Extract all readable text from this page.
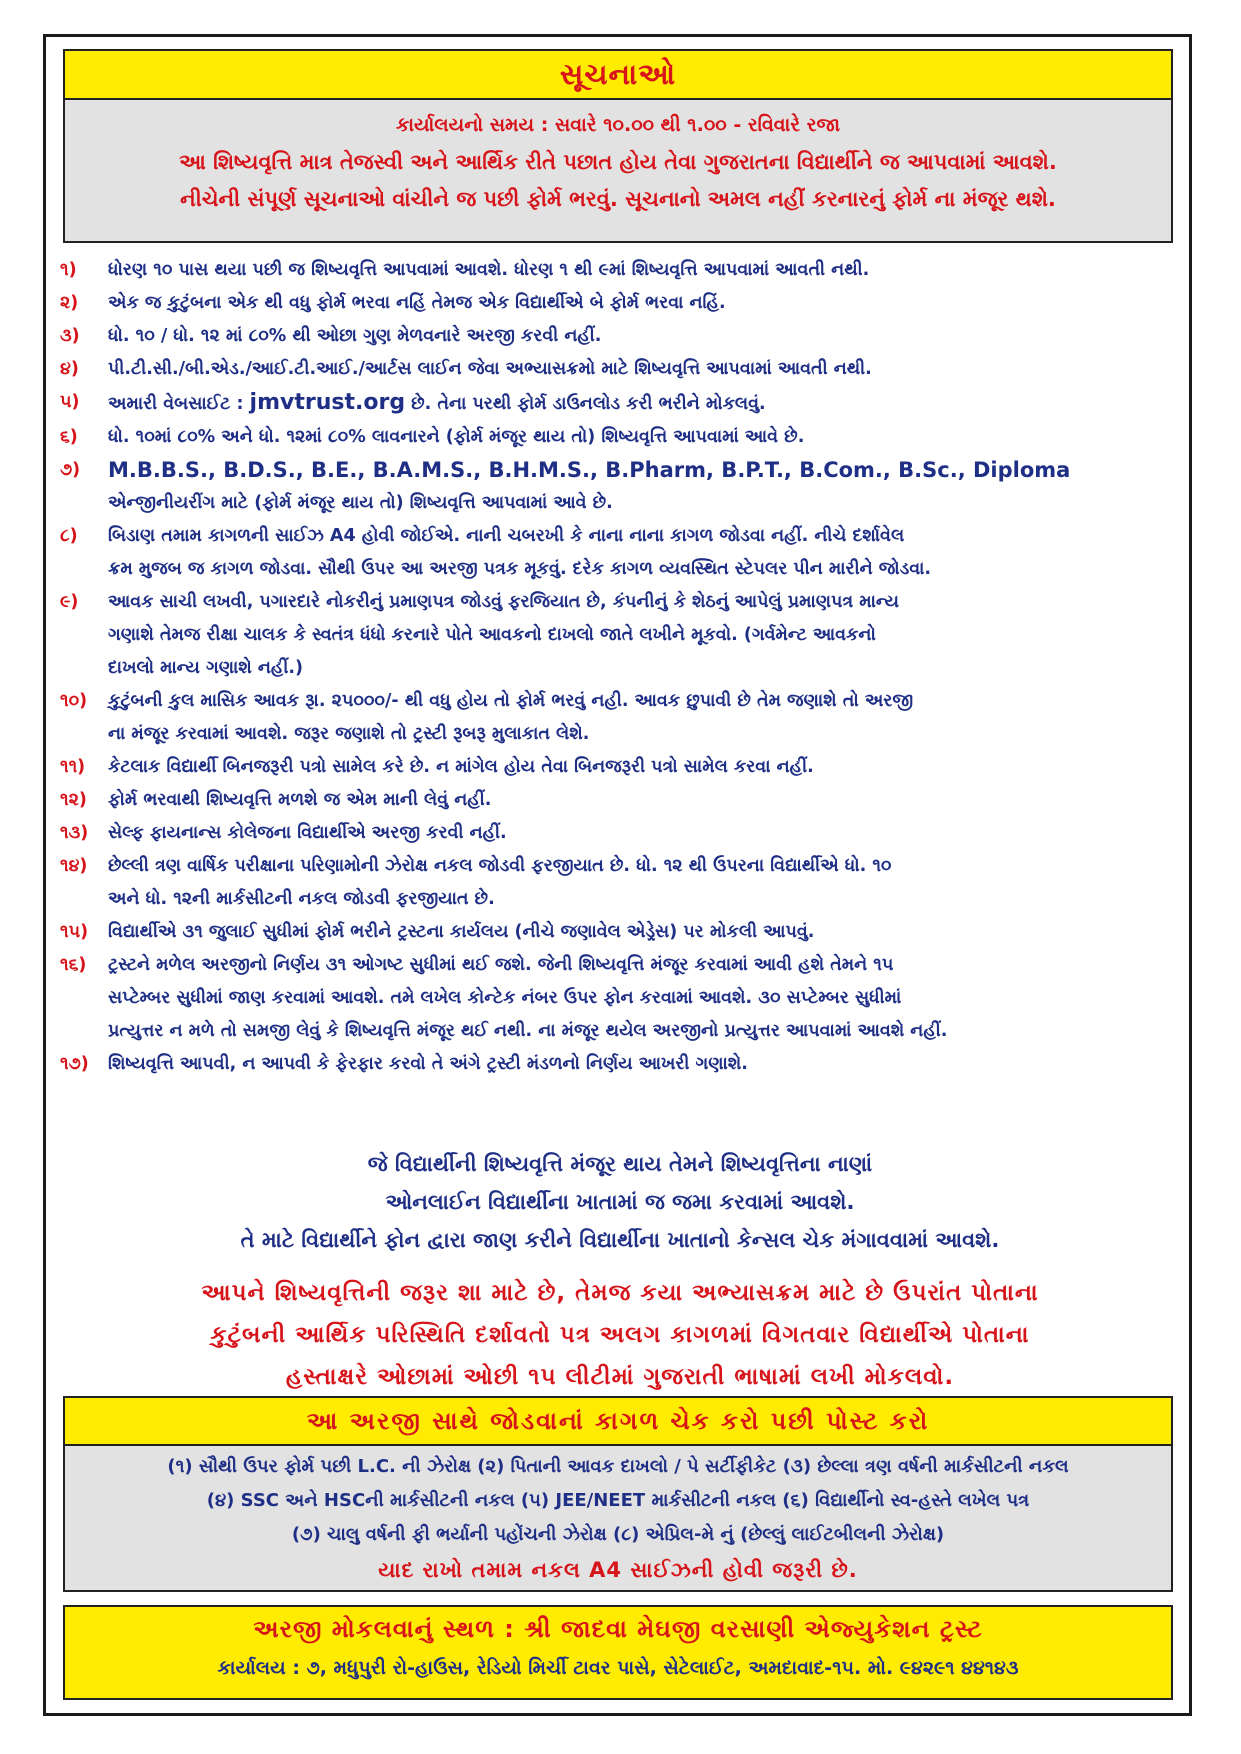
સૂચનાઓ
કાર્યાલયનો સમય : સવારે ૧૦.૦૦ થી ૧.૦૦ - રવિવારે રજા
આ શિષ્યવૃત્તિ માત્ર તેજસ્વી અને આર્થિક રીતે પછાત હોય તેવા ગુજરાતના વિદ્યાર્થીને જ આપવામાં આવશે.
નીચેની સંપૂર્ણ સૂચનાઓ વાંચીને જ પછી ફોર્મ ભરવું. સૂચનાનો અમલ નહીં કરનારનું ફોર્મ ના મંજૂર થશે.
૧)	ધોરણ ૧૦ પાસ થયા પછી જ શિષ્યવૃત્તિ આપવામાં આવશે. ધોરણ ૧ થી ૯માં શિષ્યવૃત્તિ આપવામાં આવતી નથી.
૨)	એક જ કુટુંબના એક થી વધુ ફોર્મ ભરવા નહિં તેમજ એક વિદ્યાર્થીએ બે ફોર્મ ભરવા નહિં.
૩)	ધો. ૧૦ / ધો. ૧૨ માં ૮૦% થી ઓછા ગુણ મેળવનારે અરજી કરવી નહીં.
૪)	પી.ટી.સી./બી.એડ./આઈ.ટી.આઈ./આર્ટસ લાઈન જેવા અભ્યાસક્રમો માટે શિષ્યવૃત્તિ આપવામાં આવતી નથી.
૫)	અમારી વેબસાઈટ : jmvtrust.org છે. તેના પરથી ફોર્મ ડાઉનલોડ કરી ભરીને મોકલવું.
૬)	ધો. ૧૦માં ૮૦% અને ધો. ૧૨માં ૮૦% લાવનારને (ફોર્મ મંજૂર થાય તો) શિષ્યવૃત્તિ આપવામાં આવે છે.
૭)	M.B.B.S., B.D.S., B.E., B.A.M.S., B.H.M.S., B.Pharm, B.P.T., B.Com., B.Sc., Diploma
એન્જીનીયરીંગ માટે (ફોર્મ મંજૂર થાય તો) શિષ્યવૃત્તિ આપવામાં આવે છે.
૮)	બિડાણ તમામ કાગળની સાઈઝ A4 હોવી જોઈએ. નાની ચબરખી કે નાના નાના કાગળ જોડવા નહીં. નીચે દર્શાવેલ
ક્રમ મુજબ જ કાગળ જોડવા. સૌથી ઉપર આ અરજી પત્રક મૂકવું. દરેક કાગળ વ્યવસ્થિત સ્ટેપલર પીન મારીને જોડવા.
૯)	આવક સાચી લખવી, પગારદારે નોકરીનું પ્રમાણપત્ર જોડવું ફરજિયાત છે, કંપનીનું કે શેઠનું આપેલું પ્રમાણપત્ર માન્ય
ગણાશે તેમજ રીક્ષા ચાલક કે સ્વતંત્ર ધંધો કરનારે પોતે આવકનો દાખલો જાતે લખીને મૂકવો. (ગર્વમેન્ટ આવકનો
દાખલો માન્ય ગણાશે નહીં.)
૧૦)	કુટુંબની કુલ માસિક આવક રૂા. ૨૫૦૦૦/- થી વધુ હોય તો ફોર્મ ભરવું નહી. આવક છુપાવી છે તેમ જણાશે તો અરજી
ના મંજૂર કરવામાં આવશે. જરૂર જણાશે તો ટ્રસ્ટી રૂબરૂ મુલાકાત લેશે.
૧૧)	કેટલાક વિદ્યાર્થી બિનજરૂરી પત્રો સામેલ કરે છે. ન માંગેલ હોય તેવા બિનજરૂરી પત્રો સામેલ કરવા નહીં.
૧૨)	ફોર્મ ભરવાથી શિષ્યવૃત્તિ મળશે જ એમ માની લેવું નહીં.
૧૩)	સેલ્ફ ફાયનાન્સ કોલેજના વિદ્યાર્થીએ અરજી કરવી નહીં.
૧૪)	છેલ્લી ત્રણ વાર્ષિક પરીક્ષાના પરિણામોની ઝેરોક્ષ નકલ જોડવી ફરજીયાત છે. ધો. ૧૨ થી ઉપરના વિદ્યાર્થીએ ધો. ૧૦
અને ધો. ૧૨ની માર્કસીટની નકલ જોડવી ફરજીયાત છે.
૧૫)	વિદ્યાર્થીએ ૩૧ જુલાઈ સુધીમાં ફોર્મ ભરીને ટ્રસ્ટના કાર્યલય (નીચે જણાવેલ એડ્રેસ) પર મોકલી આપવું.
૧૬)	ટ્રસ્ટને મળેલ અરજીનો નિર્ણય ૩૧ ઓગષ્ટ સુધીમાં થઈ જશે. જેની શિષ્યવૃત્તિ મંજૂર કરવામાં આવી હશે તેમને ૧૫
સપ્ટેમ્બર સુધીમાં જાણ કરવામાં આવશે. તમે લખેલ કોન્ટેક નંબર ઉપર ફોન કરવામાં આવશે. ૩૦ સપ્ટેમ્બર સુધીમાં
પ્રત્યુત્તર ન મળે તો સમજી લેવું કે શિષ્યવૃત્તિ મંજૂર થઈ નથી. ના મંજૂર થયેલ અરજીનો પ્રત્યુત્તર આપવામાં આવશે નહીં.
૧૭)	શિષ્યવૃત્તિ આપવી, ન આપવી કે ફેરફાર કરવો તે અંગે ટ્રસ્ટી મંડળનો નિર્ણય આખરી ગણાશે.
જે વિદ્યાર્થીની શિષ્યવૃત્તિ મંજૂર થાય તેમને શિષ્યવૃત્તિના નાણાં
ઓનલાઈન વિદ્યાર્થીના ખાતામાં જ જમા કરવામાં આવશે.
તે માટે વિદ્યાર્થીને ફોન દ્વારા જાણ કરીને વિદ્યાર્થીના ખાતાનો કેન્સલ ચેક મંગાવવામાં આવશે.
આપને શિષ્યવૃત્તિની જરૂર શા માટે છે, તેમજ કયા અભ્યાસક્રમ માટે છે ઉપરાંત પોતાના
કુટુંબની આર્થિક પરિસ્થિતિ દર્શાવતો પત્ર અલગ કાગળમાં વિગતવાર વિદ્યાર્થીએ પોતાના
હસ્તાક્ષરે ઓછામાં ઓછી ૧૫ લીટીમાં ગુજરાતી ભાષામાં લખી મોકલવો.
આ અરજી સાથે જોડવાનાં કાગળ ચેક કરો પછી પોસ્ટ કરો
(૧) સૌથી ઉપર ફોર્મ પછી L.C. ની ઝેરોક્ષ (૨) પિતાની આવક દાખલો / પે સર્ટીફીકેટ (૩) છેલ્લા ત્રણ વર્ષની માર્કસીટની નકલ
(૪) SSC અને HSCની માર્કસીટની નકલ (૫) JEE/NEET માર્કસીટની નકલ (૬) વિદ્યાર્થીનો સ્વ-હસ્તે લખેલ પત્ર
(૭) ચાલુ વર્ષની ફી ભર્યાની પહોંચની ઝેરોક્ષ (૮) એપ્રિલ-મે નું (છેલ્લું લાઈટબીલની ઝેરોક્ષ)
યાદ રાખો તમામ નકલ A4 સાઈઝની હોવી જરૂરી છે.
અરજી મોકલવાનું સ્થળ : શ્રી જાદવા મેઘજી વરસાણી એજ્યુકેશન ટ્રસ્ટ
કાર્યાલય : ૭, મધુપુરી રો-હાઉસ, રેડિયો મિર્ચી ટાવર પાસે, સેટેલાઈટ, અમદાવાદ-૧૫. મો. ૯૪૨૯૧ ૪૪૧૪૩
